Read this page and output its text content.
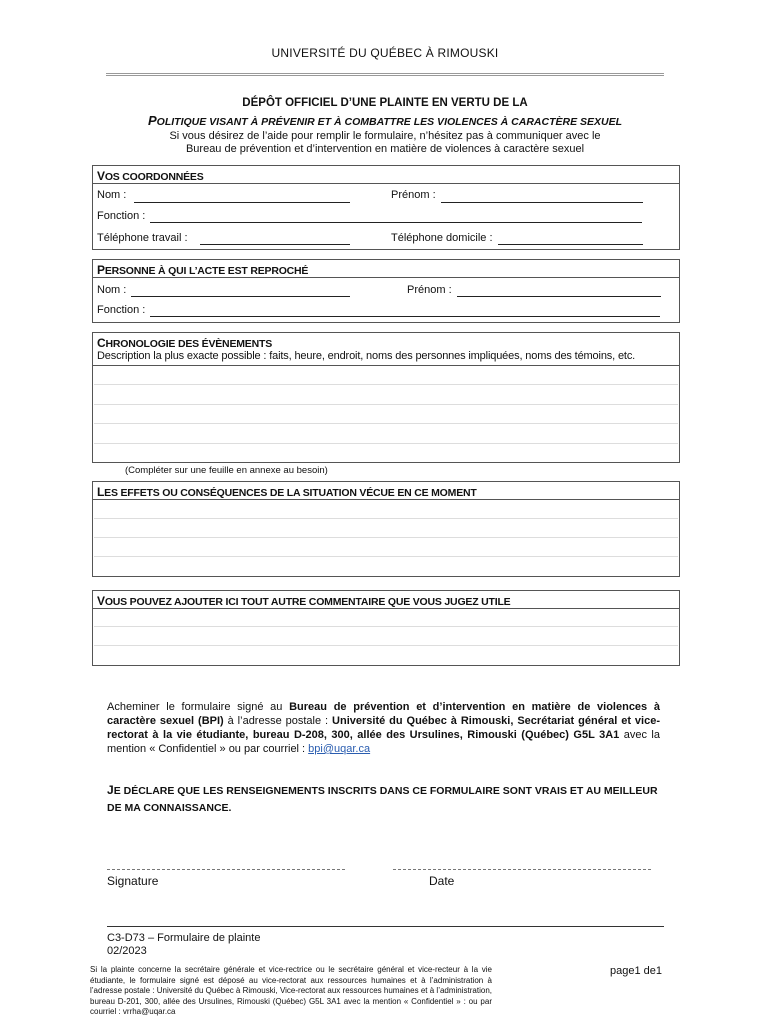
UNIVERSITÉ DU QUÉBEC À RIMOUSKI
DÉPÔT OFFICIEL D’UNE PLAINTE EN VERTU DE LA
POLITIQUE VISANT À PRÉVENIR ET À COMBATTRE LES VIOLENCES À CARACTÈRE SEXUEL
Si vous désirez de l’aide pour remplir le formulaire, n’hésitez pas à communiquer avec le
Bureau de prévention et d’intervention en matière de violences à caractère sexuel
VOS COORDONNÉES
Nom :	Prénom :
Fonction :
Téléphone travail :	Téléphone domicile :
PERSONNE À QUI L’ACTE EST REPROCHÉ
Nom :	Prénom :
Fonction :
CHRONOLOGIE DES ÉVÈNEMENTS
Description la plus exacte possible : faits, heure, endroit, noms des personnes impliquées, noms des témoins, etc.
(Compléter sur une feuille en annexe au besoin)
LES EFFETS OU CONSÉQUENCES DE LA SITUATION VÉCUE EN CE MOMENT
VOUS POUVEZ AJOUTER ICI TOUT AUTRE COMMENTAIRE QUE VOUS JUGEZ UTILE
Acheminer le formulaire signé au Bureau de prévention et d’intervention en matière de violences à caractère sexuel (BPI) à l’adresse postale : Université du Québec à Rimouski, Secrétariat général et vice-rectorat à la vie étudiante, bureau D-208, 300, allée des Ursulines, Rimouski (Québec) G5L 3A1 avec la mention « Confidentiel » ou par courriel : bpi@uqar.ca
JE DÉCLARE QUE LES RENSEIGNEMENTS INSCRITS DANS CE FORMULAIRE SONT VRAIS ET AU MEILLEUR
DE MA CONNAISSANCE.
Signature	Date
C3-D73 – Formulaire de plainte
02/2023
page1 de1
Si la plainte concerne la secrétaire générale et vice-rectrice ou le secrétaire général et vice-recteur à la vie étudiante, le formulaire signé est déposé au vice-rectorat aux ressources humaines et à l’administration à l’adresse postale : Université du Québec à Rimouski, Vice-rectorat aux ressources humaines et à l’administration, bureau D-201, 300, allée des Ursulines, Rimouski (Québec) G5L 3A1 avec la mention « Confidentiel » : ou par courriel : vrrha@uqar.ca
